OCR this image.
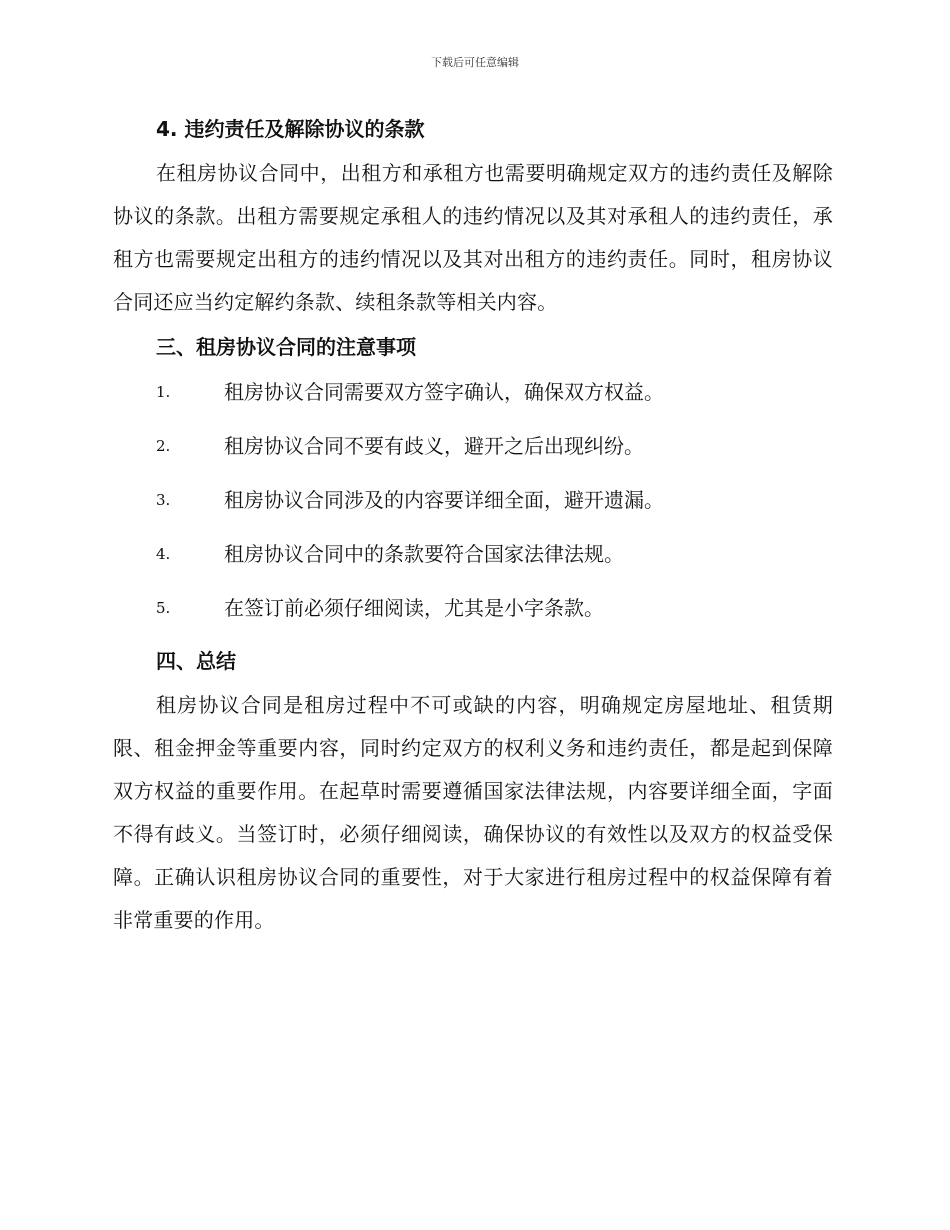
下载后可任意编辑
4. 违约责任及解除协议的条款

在租房协议合同中，出租方和承租方也需要明确规定双方的违约责任及解除协议的条款。出租方需要规定承租人的违约情况以及其对承租人的违约责任，承租方也需要规定出租方的违约情况以及其对出租方的违约责任。同时，租房协议合同还应当约定解约条款、续租条款等相关内容。

三、租房协议合同的注意事项
1.	租房协议合同需要双方签字确认，确保双方权益。
2.	租房协议合同不要有歧义，避开之后出现纠纷。
3.	租房协议合同涉及的内容要详细全面，避开遗漏。
4.	租房协议合同中的条款要符合国家法律法规。
5.	在签订前必须仔细阅读，尤其是小字条款。
四、总结

租房协议合同是租房过程中不可或缺的内容，明确规定房屋地址、租赁期限、租金押金等重要内容，同时约定双方的权利义务和违约责任，都是起到保障双方权益的重要作用。在起草时需要遵循国家法律法规，内容要详细全面，字面不得有歧义。当签订时，必须仔细阅读，确保协议的有效性以及双方的权益受保障。正确认识租房协议合同的重要性，对于大家进行租房过程中的权益保障有着非常重要的作用。
